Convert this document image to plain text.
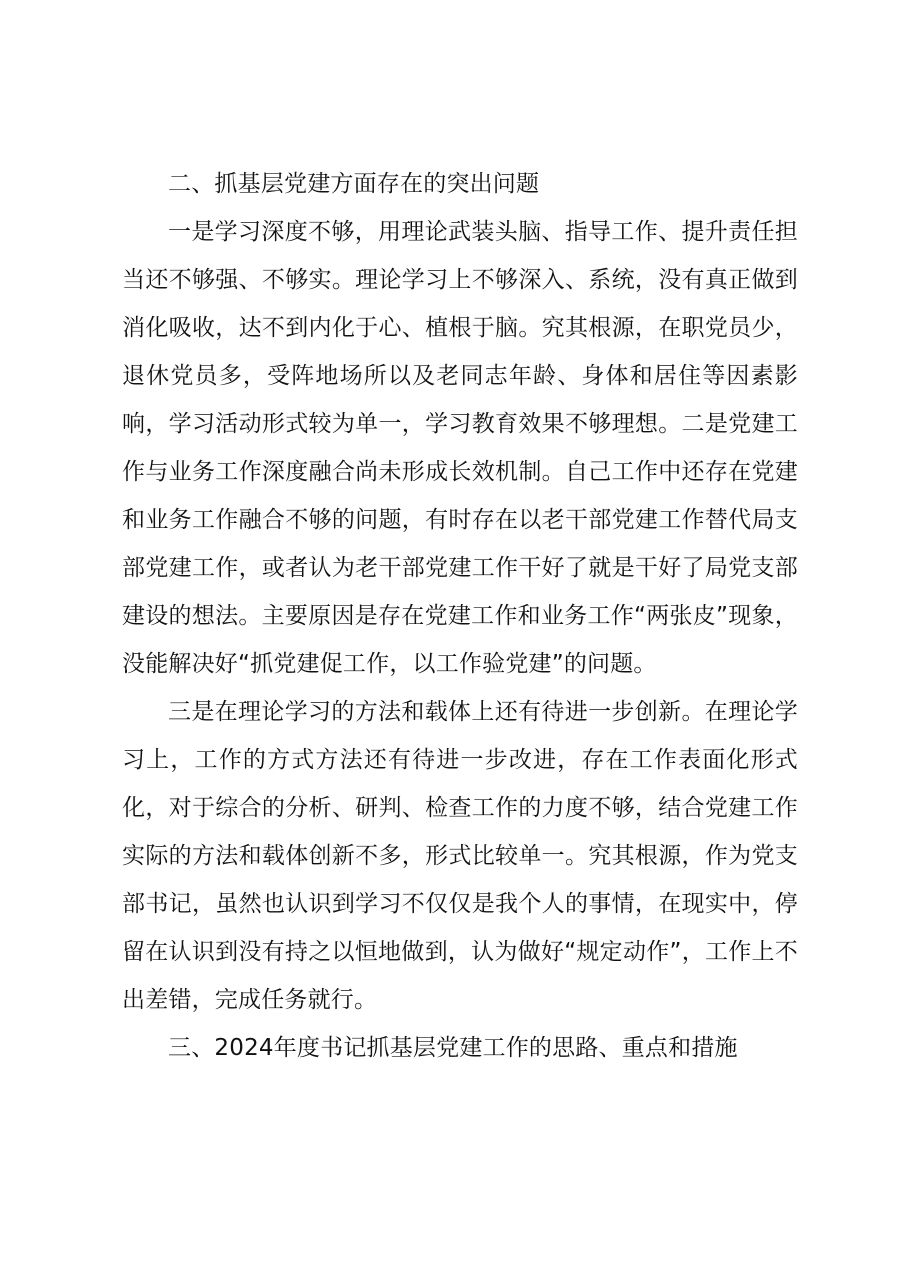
二、抓基层党建方面存在的突出问题

一是学习深度不够，用理论武装头脑、指导工作、提升责任担当还不够强、不够实。理论学习上不够深入、系统，没有真正做到消化吸收，达不到内化于心、植根于脑。究其根源，在职党员少，退休党员多，受阵地场所以及老同志年龄、身体和居住等因素影响，学习活动形式较为单一，学习教育效果不够理想。二是党建工作与业务工作深度融合尚未形成长效机制。自己工作中还存在党建和业务工作融合不够的问题，有时存在以老干部党建工作替代局支部党建工作，或者认为老干部党建工作干好了就是干好了局党支部建设的想法。主要原因是存在党建工作和业务工作“两张皮”现象，没能解决好“抓党建促工作，以工作验党建”的问题。

三是在理论学习的方法和载体上还有待进一步创新。在理论学习上，工作的方式方法还有待进一步改进，存在工作表面化形式化，对于综合的分析、研判、检查工作的力度不够，结合党建工作实际的方法和载体创新不多，形式比较单一。究其根源，作为党支部书记，虽然也认识到学习不仅仅是我个人的事情，在现实中，停留在认识到没有持之以恒地做到，认为做好“规定动作”，工作上不出差错，完成任务就行。

三、2024年度书记抓基层党建工作的思路、重点和措施
